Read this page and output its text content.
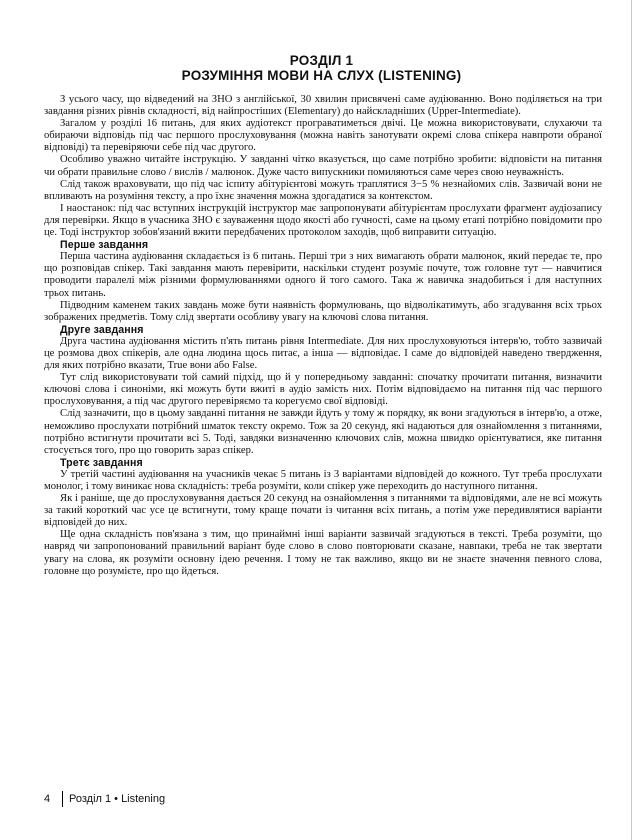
РОЗДІЛ 1
РОЗУМІННЯ МОВИ НА СЛУХ (LISTENING)

З усього часу, що відведений на ЗНО з англійської, 30 хвилин присвячені саме аудіюванню. Воно поділяється на три завдання різних рівнів складності, від найпростіших (Elementary) до найскладніших (Upper-Intermediate).

Загалом у розділі 16 питань, для яких аудіотекст програватиметься двічі. Це можна використовувати, слухаючи та обираючи відповідь під час першого прослуховування (можна навіть занотувати окремі слова спікера навпроти обраної відповіді) та перевіряючи себе під час другого.

Особливо уважно читайте інструкцію. У завданні чітко вказується, що саме потрібно зробити: відповісти на питання чи обрати правильне слово / вислів / малюнок. Дуже часто випускники помиляються саме через свою неуважність.

Слід також враховувати, що під час іспиту абітурієнтові можуть траплятися 3−5 % незнайомих слів. Зазвичай вони не впливають на розуміння тексту, а про їхнє значення можна здогадатися за контекстом.

І наостанок: під час вступних інструкцій інструктор має запропонувати абітурієнтам прослухати фрагмент аудіозапису для перевірки. Якщо в учасника ЗНО є зауваження щодо якості або гучності, саме на цьому етапі потрібно повідомити про це. Тоді інструктор зобов'язаний вжити передбачених протоколом заходів, щоб виправити ситуацію.

Перше завдання

Перша частина аудіювання складається із 6 питань. Перші три з них вимагають обрати малюнок, який передає те, про що розповідав спікер. Такі завдання мають перевірити, наскільки студент розуміє почуте, тож головне тут — навчитися проводити паралелі між різними формулюваннями одного й того самого. Така ж навичка знадобиться і для наступних трьох питань.

Підводним каменем таких завдань може бути наявність формулювань, що відволікатимуть, або згадування всіх трьох зображених предметів. Тому слід звертати особливу увагу на ключові слова питання.

Друге завдання

Друга частина аудіювання містить п'ять питань рівня Intermediate. Для них прослуховуються інтерв'ю, тобто зазвичай це розмова двох спікерів, але одна людина щось питає, а інша — відповідає. І саме до відповідей наведено твердження, для яких потрібно вказати, True вони або False.

Тут слід використовувати той самий підхід, що й у попередньому завданні: спочатку прочитати питання, визначити ключові слова і синоніми, які можуть бути вжиті в аудіо замість них. Потім відповідаємо на питання під час першого прослуховування, а під час другого перевіряємо та корегуємо свої відповіді.

Слід зазначити, що в цьому завданні питання не завжди йдуть у тому ж порядку, як вони згадуються в інтерв'ю, а отже, неможливо прослухати потрібний шматок тексту окремо. Тож за 20 секунд, які надаються для ознайомлення з питаннями, потрібно встигнути прочитати всі 5. Тоді, завдяки визначенню ключових слів, можна швидко орієнтуватися, яке питання стосується того, про що говорить зараз спікер.

Третє завдання

У третій частині аудіювання на учасників чекає 5 питань із 3 варіантами відповідей до кожного. Тут треба прослухати монолог, і тому виникає нова складність: треба розуміти, коли спікер уже переходить до наступного питання.

Як і раніше, ще до прослуховування дається 20 секунд на ознайомлення з питаннями та відповідями, але не всі можуть за такий короткий час усе це встигнути, тому краще почати із читання всіх питань, а потім уже передивлятися варіанти відповідей до них.

Ще одна складність пов'язана з тим, що принаймні інші варіанти зазвичай згадуються в тексті. Треба розуміти, що навряд чи запропонований правильний варіант буде слово в слово повторювати сказане, навпаки, треба не так звертати увагу на слова, як розуміти основну ідею речення. І тому не так важливо, якщо ви не знаєте значення певного слова, головне що розумієте, про що йдеться.

4	Розділ 1 • Listening
